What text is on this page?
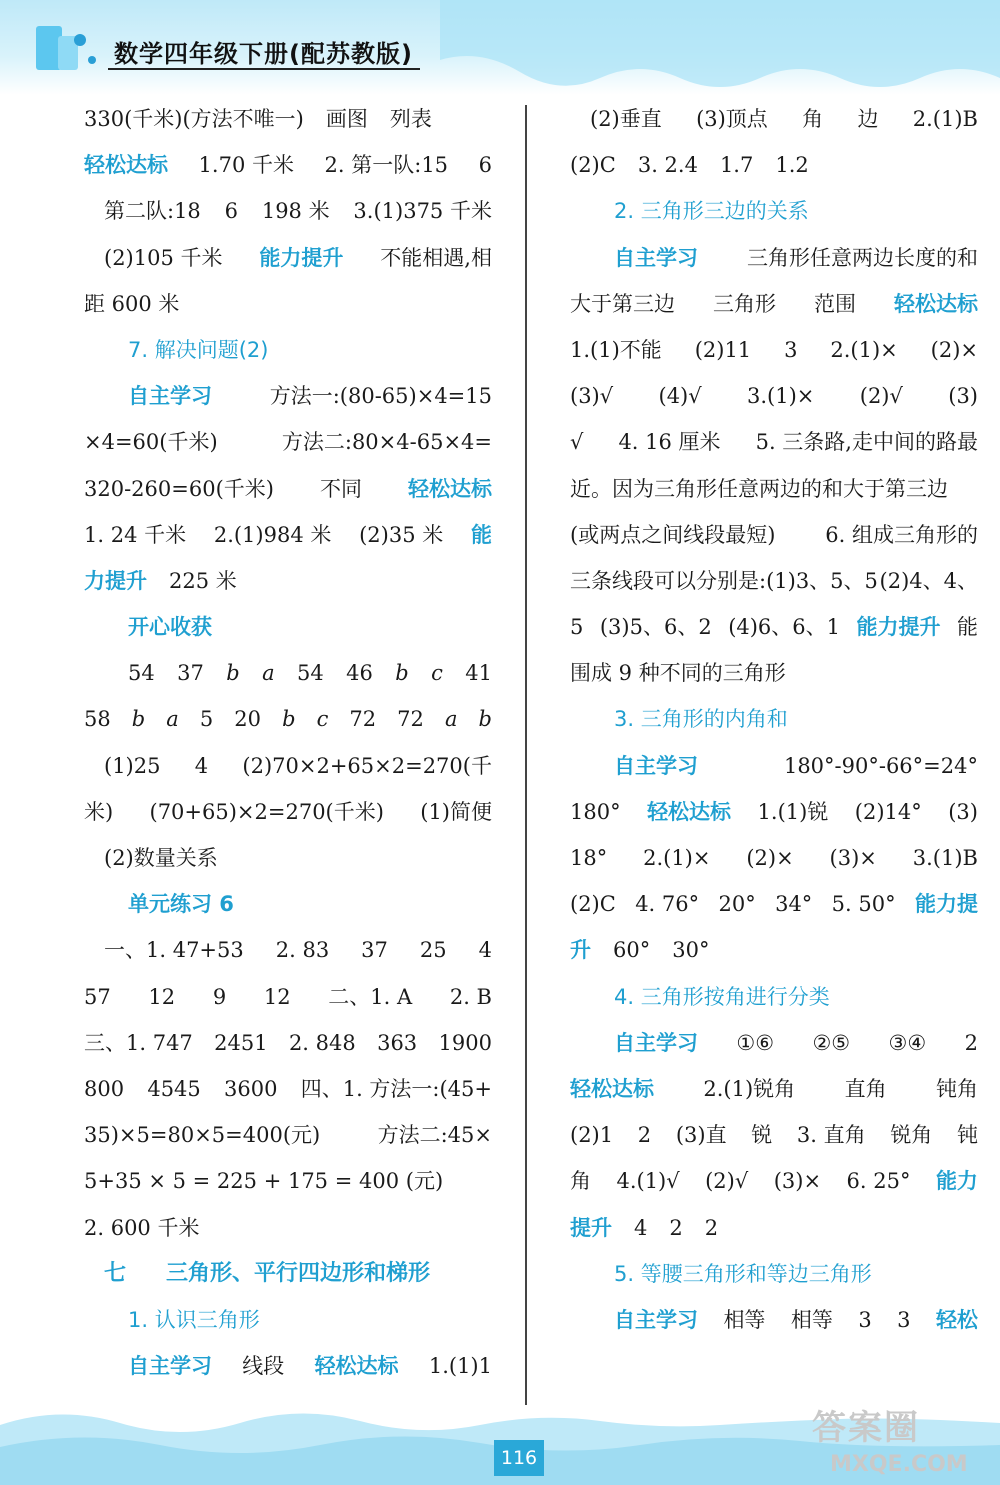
数学四年级下册(配苏教版)
330(千米)(方法不唯一) 画图 列表
轻松达标 1.70 千米 2. 第一队:15 6
第二队:18 6 198 米 3.(1)375 千米
(2)105 千米 能力提升 不能相遇,相
距 600 米
7. 解决问题(2)
自主学习	方法一:(80-65)×4=15
×4=60(千米)	方法二:80×4-65×4=
320-260=60(千米) 不同 轻松达标
1. 24 千米 2.(1)984 米 (2)35 米 能
力提升 225 米
开心收获
54 37 b a 54 46 b c 41
58 b a 5 20 b c 72 72 a b
(1)25 4 (2)70×2+65×2=270(千
米) (70+65)×2=270(千米) (1)简便
(2)数量关系
单元练习 6
一、1. 47+53 2. 83 37 25 4
57 12 9 12 二、1. A 2. B
三、1. 747 2451 2. 848 363 1900
800 4545 3600 四、1. 方法一:(45+
35)×5=80×5=400(元)	方法二:45×
5+35 × 5 = 225 + 175 = 400 (元)
2. 600 千米
七 三角形、平行四边形和梯形
1. 认识三角形
自主学习 线段 轻松达标 1.(1)1
(2)垂直 (3)顶点 角 边 2.(1)B
(2)C 3. 2.4 1.7 1.2
2. 三角形三边的关系
自主学习 三角形任意两边长度的和
大于第三边 三角形 范围 轻松达标
1.(1)不能 (2)11 3 2.(1)× (2)×
(3)√ (4)√ 3.(1)× (2)√ (3)
√ 4. 16 厘米 5. 三条路,走中间的路最
近。因为三角形任意两边的和大于第三边
(或两点之间线段最短) 6. 组成三角形的
三条线段可以分别是:(1)3、5、5 (2)4、4、
5 (3)5、6、2 (4)6、6、1 能力提升 能
围成 9 种不同的三角形
3. 三角形的内角和
自主学习	180°-90°-66°=24°
180° 轻松达标 1.(1)锐 (2)14° (3)
18° 2.(1)× (2)× (3)× 3.(1)B
(2)C 4. 76° 20° 34° 5. 50° 能力提
升 60° 30°
4. 三角形按角进行分类
自主学习 ①⑥ ②⑤ ③④ 2
轻松达标 2.(1)锐角 直角 钝角
(2)1 2 (3)直 锐 3. 直角 锐角 钝
角 4.(1)√ (2)√ (3)× 6. 25° 能力
提升 4 2 2
5. 等腰三角形和等边三角形
自主学习 相等 相等 3 3 轻松
116
答案圈
MXQE.COM
